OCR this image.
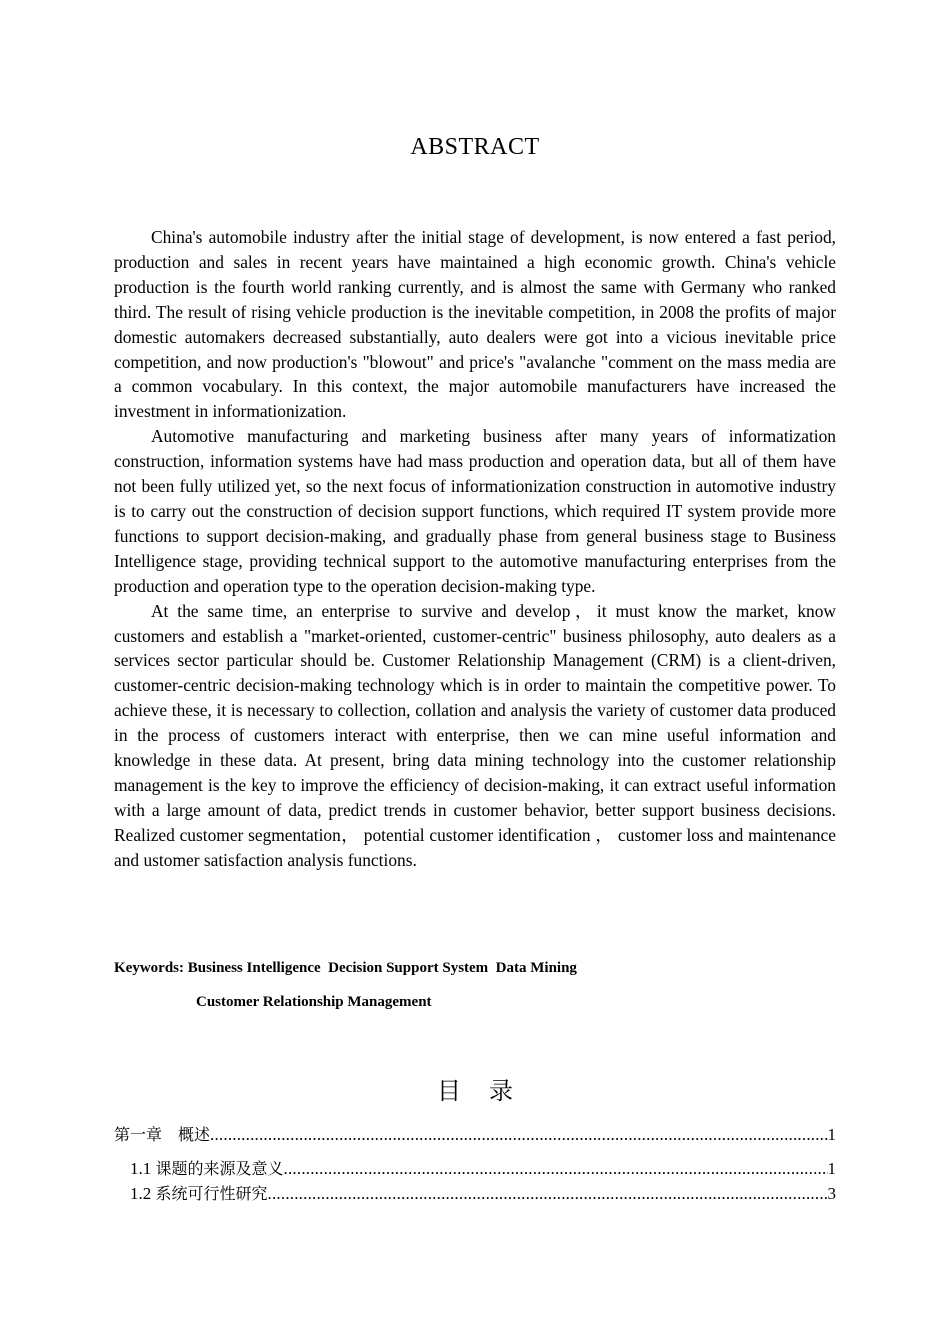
ABSTRACT

China's automobile industry after the initial stage of development, is now entered a fast period, production and sales in recent years have maintained a high economic growth. China's vehicle production is the fourth world ranking currently, and is almost the same with Germany who ranked third. The result of rising vehicle production is the inevitable competition, in 2008 the profits of major domestic automakers decreased substantially, auto dealers were got into a vicious inevitable price competition, and now production's "blowout" and price's "avalanche "comment on the mass media are a common vocabulary. In this context, the major automobile manufacturers have increased the investment in informationization.

Automotive manufacturing and marketing business after many years of informatization construction, information systems have had mass production and operation data, but all of them have not been fully utilized yet, so the next focus of informationization construction in automotive industry is to carry out the construction of decision support functions, which required IT system provide more functions to support decision-making, and gradually phase from general business stage to Business Intelligence stage, providing technical support to the automotive manufacturing enterprises from the production and operation type to the operation decision-making type.

At the same time, an enterprise to survive and develop，it must know the market, know customers and establish a "market-oriented, customer-centric" business philosophy, auto dealers as a services sector particular should be. Customer Relationship Management (CRM) is a client-driven, customer-centric decision-making technology which is in order to maintain the competitive power. To achieve these, it is necessary to collection, collation and analysis the variety of customer data produced in the process of customers interact with enterprise, then we can mine useful information and knowledge in these data. At present, bring data mining technology into the customer relationship management is the key to improve the efficiency of decision-making, it can extract useful information with a large amount of data, predict trends in customer behavior, better support business decisions. Realized customer segmentation， potential customer identification ， customer loss and maintenance and ustomer satisfaction analysis functions.

Keywords: Business Intelligence  Decision Support System  Data Mining
Customer Relationship Management
目录
第一章　概述 .....	1
1.1 课题的来源及意义 .....	1
1.2 系统可行性研究 .....	3
